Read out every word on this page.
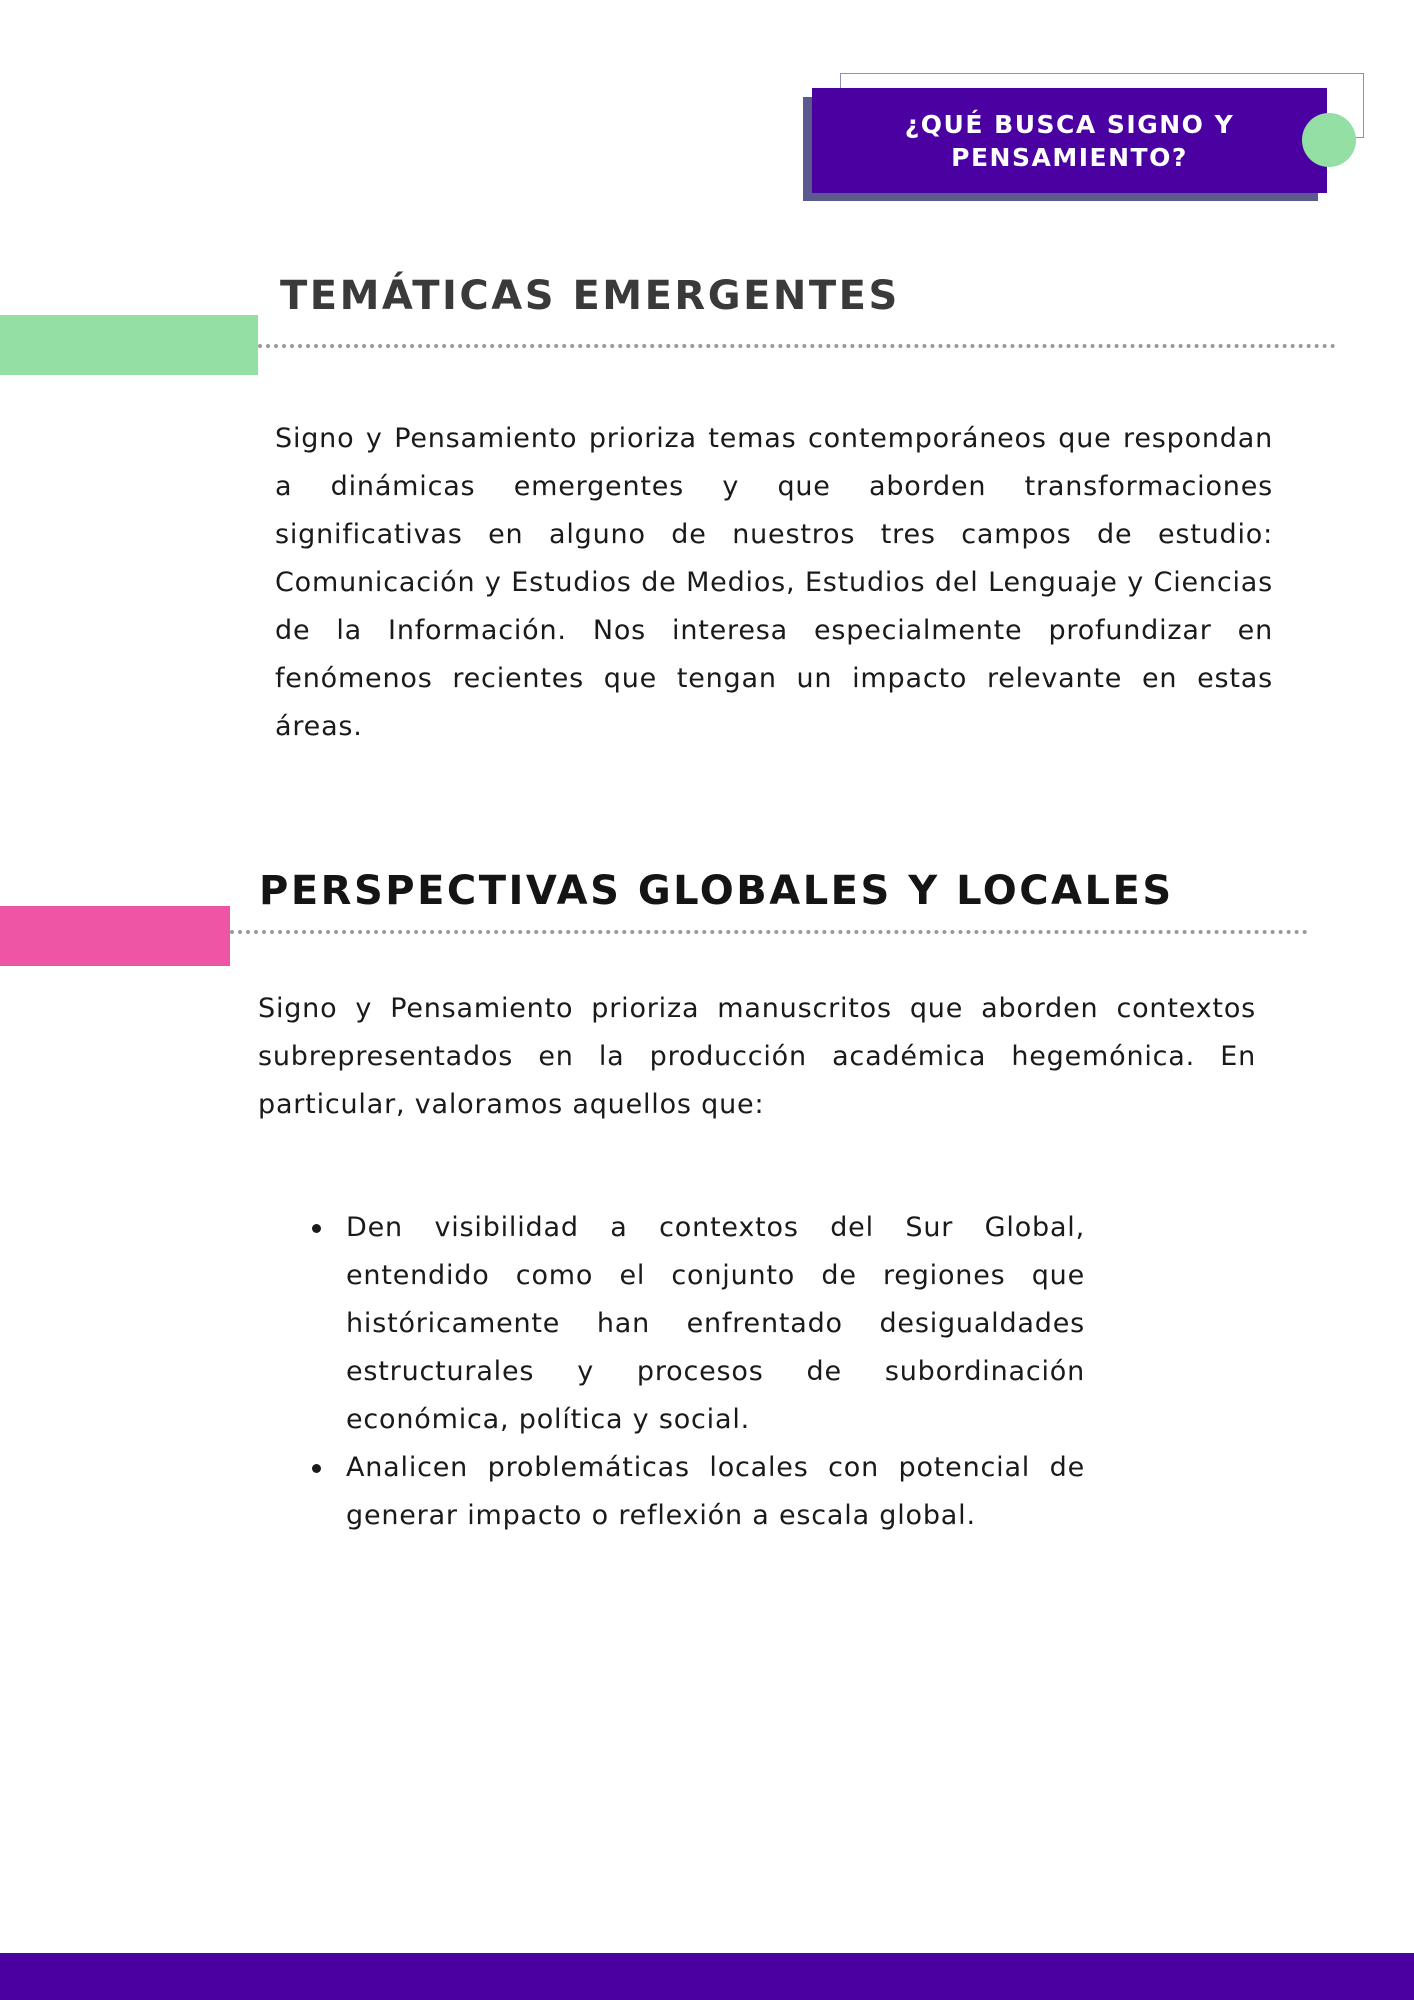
¿QUÉ BUSCA SIGNO Y PENSAMIENTO?
TEMÁTICAS EMERGENTES
Signo y Pensamiento prioriza temas contemporáneos que respondan a dinámicas emergentes y que aborden transformaciones significativas en alguno de nuestros tres campos de estudio: Comunicación y Estudios de Medios, Estudios del Lenguaje y Ciencias de la Información. Nos interesa especialmente profundizar en fenómenos recientes que tengan un impacto relevante en estas áreas.
PERSPECTIVAS GLOBALES Y LOCALES
Signo y Pensamiento prioriza manuscritos que aborden contextos subrepresentados en la producción académica hegemónica. En particular, valoramos aquellos que:
Den visibilidad a contextos del Sur Global, entendido como el conjunto de regiones que históricamente han enfrentado desigualdades estructurales y procesos de subordinación económica, política y social.
Analicen problemáticas locales con potencial de generar impacto o reflexión a escala global.
